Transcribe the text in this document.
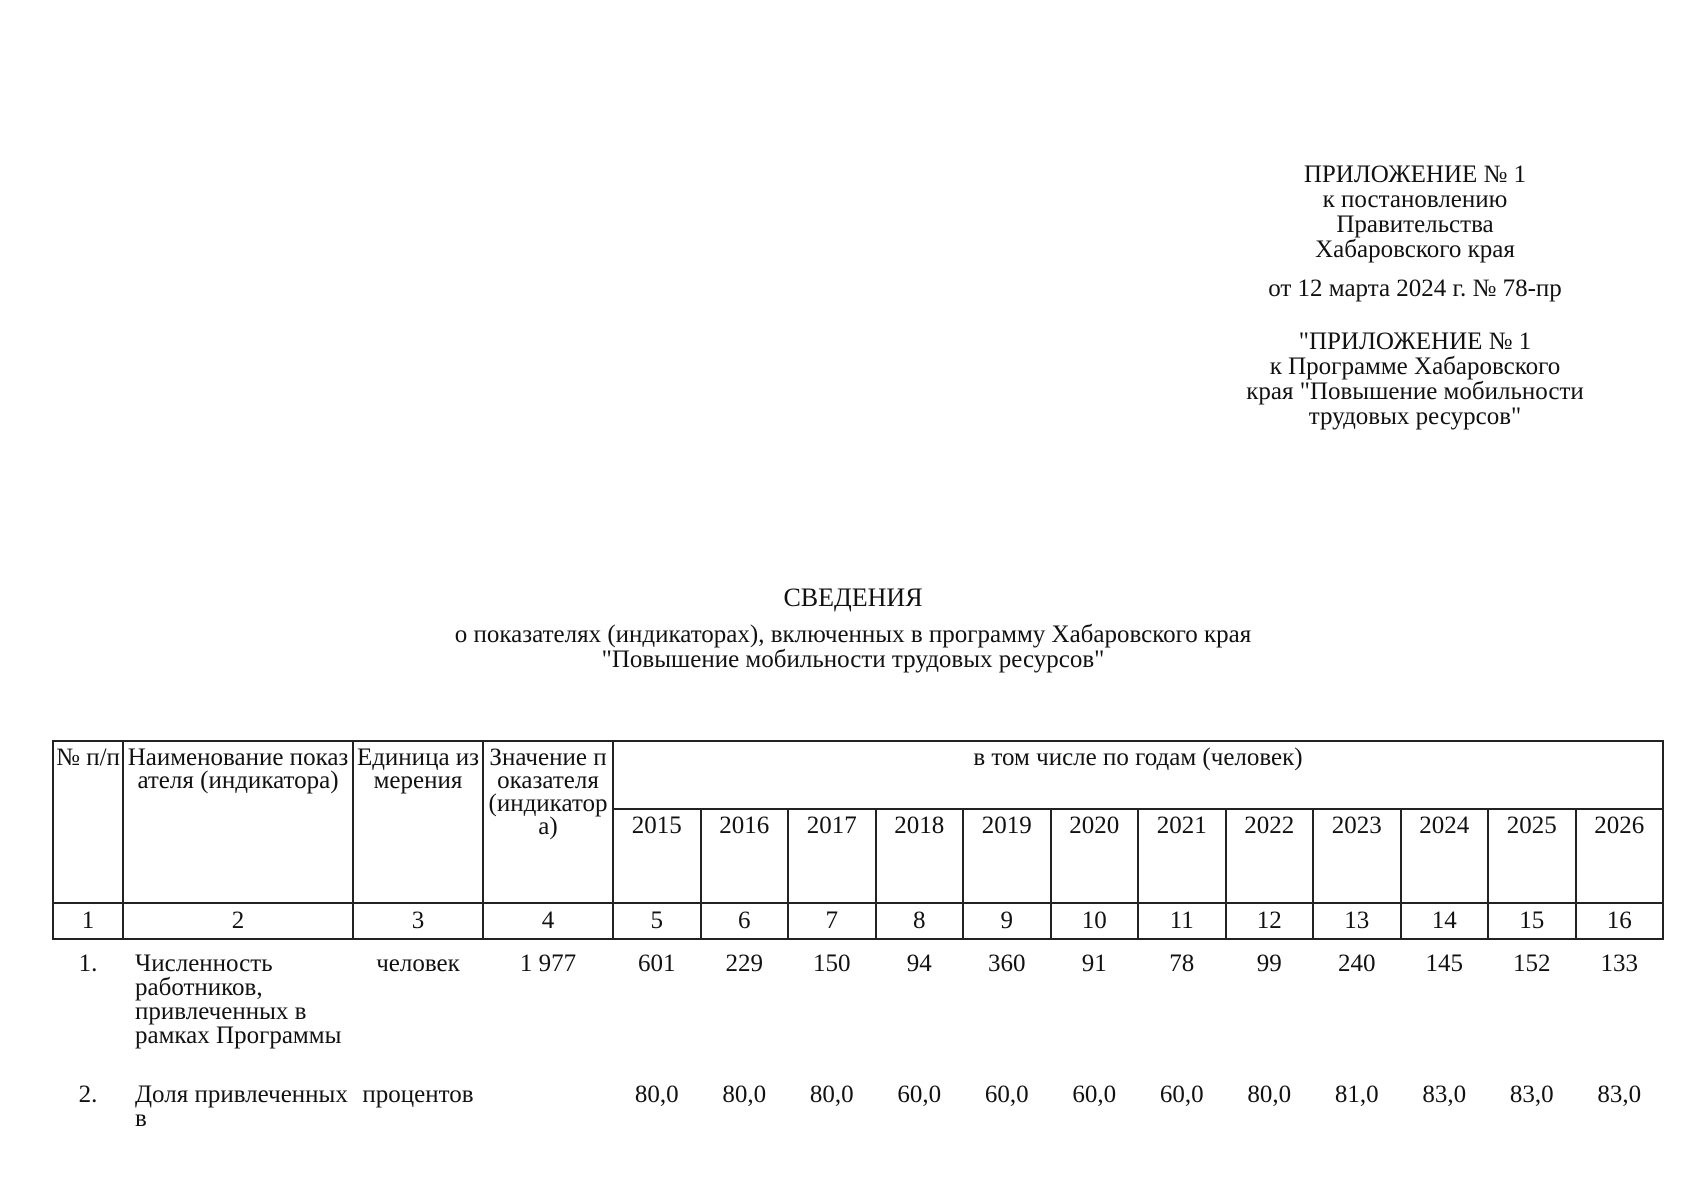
ПРИЛОЖЕНИЕ № 1
к постановлению
Правительства
Хабаровского края
от 12 марта 2024 г. № 78-пр
"ПРИЛОЖЕНИЕ № 1
к Программе Хабаровского
края "Повышение мобильности
трудовых ресурсов"
СВЕДЕНИЯ
о показателях (индикаторах), включенных в программу Хабаровского края
"Повышение мобильности трудовых ресурсов"
№ п/п	Наименование показателя (индикатора)	Единица измерения	Значение показателя (индикатора)	в том числе по годам (человек)											
				2015	2016	2017	2018	2019	2020	2021	2022	2023	2024	2025	2026
1	2	3	4	5	6	7	8	9	10	11	12	13	14	15	16
1.	Численность работников, привлеченных в рамках Программы	человек	1 977	601	229	150	94	360	91	78	99	240	145	152	133
2.	Доля привлеченных в	процентов		80,0	80,0	80,0	60,0	60,0	60,0	60,0	80,0	81,0	83,0	83,0	83,0
